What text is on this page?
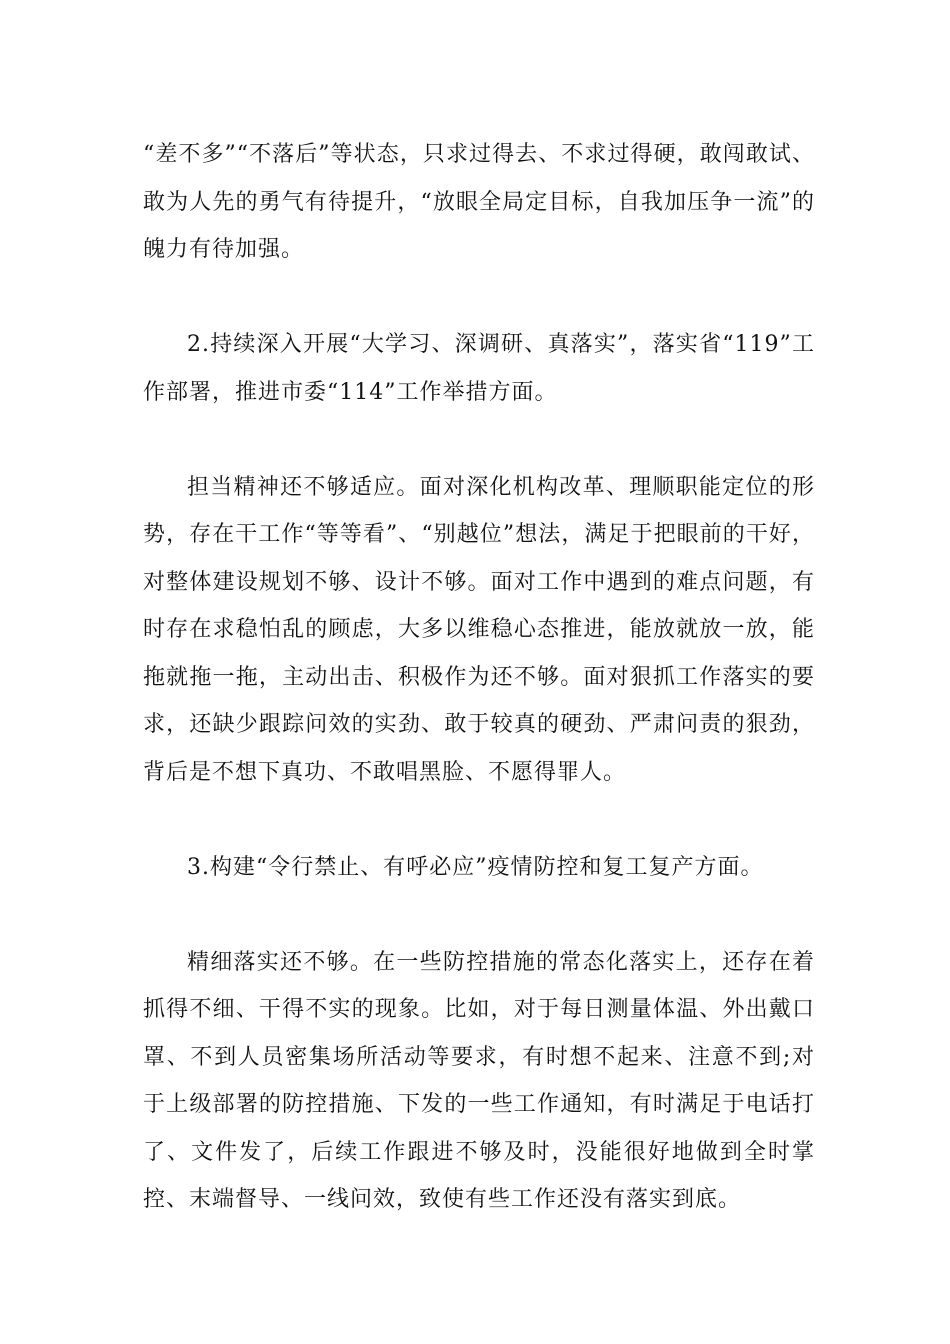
“差不多”“不落后”等状态，只求过得去、不求过得硬，敢闯敢试、敢为人先的勇气有待提升，“放眼全局定目标，自我加压争一流”的魄力有待加强。

2.持续深入开展“大学习、深调研、真落实”，落实省“119”工作部署，推进市委“114”工作举措方面。

担当精神还不够适应。面对深化机构改革、理顺职能定位的形势，存在干工作“等等看”、“别越位”想法，满足于把眼前的干好，对整体建设规划不够、设计不够。面对工作中遇到的难点问题，有时存在求稳怕乱的顾虑，大多以维稳心态推进，能放就放一放，能拖就拖一拖，主动出击、积极作为还不够。面对狠抓工作落实的要求，还缺少跟踪问效的实劲、敢于较真的硬劲、严肃问责的狠劲，背后是不想下真功、不敢唱黑脸、不愿得罪人。

3.构建“令行禁止、有呼必应”疫情防控和复工复产方面。

精细落实还不够。在一些防控措施的常态化落实上，还存在着抓得不细、干得不实的现象。比如，对于每日测量体温、外出戴口罩、不到人员密集场所活动等要求，有时想不起来、注意不到;对于上级部署的防控措施、下发的一些工作通知，有时满足于电话打了、文件发了，后续工作跟进不够及时，没能很好地做到全时掌控、末端督导、一线问效，致使有些工作还没有落实到底。
